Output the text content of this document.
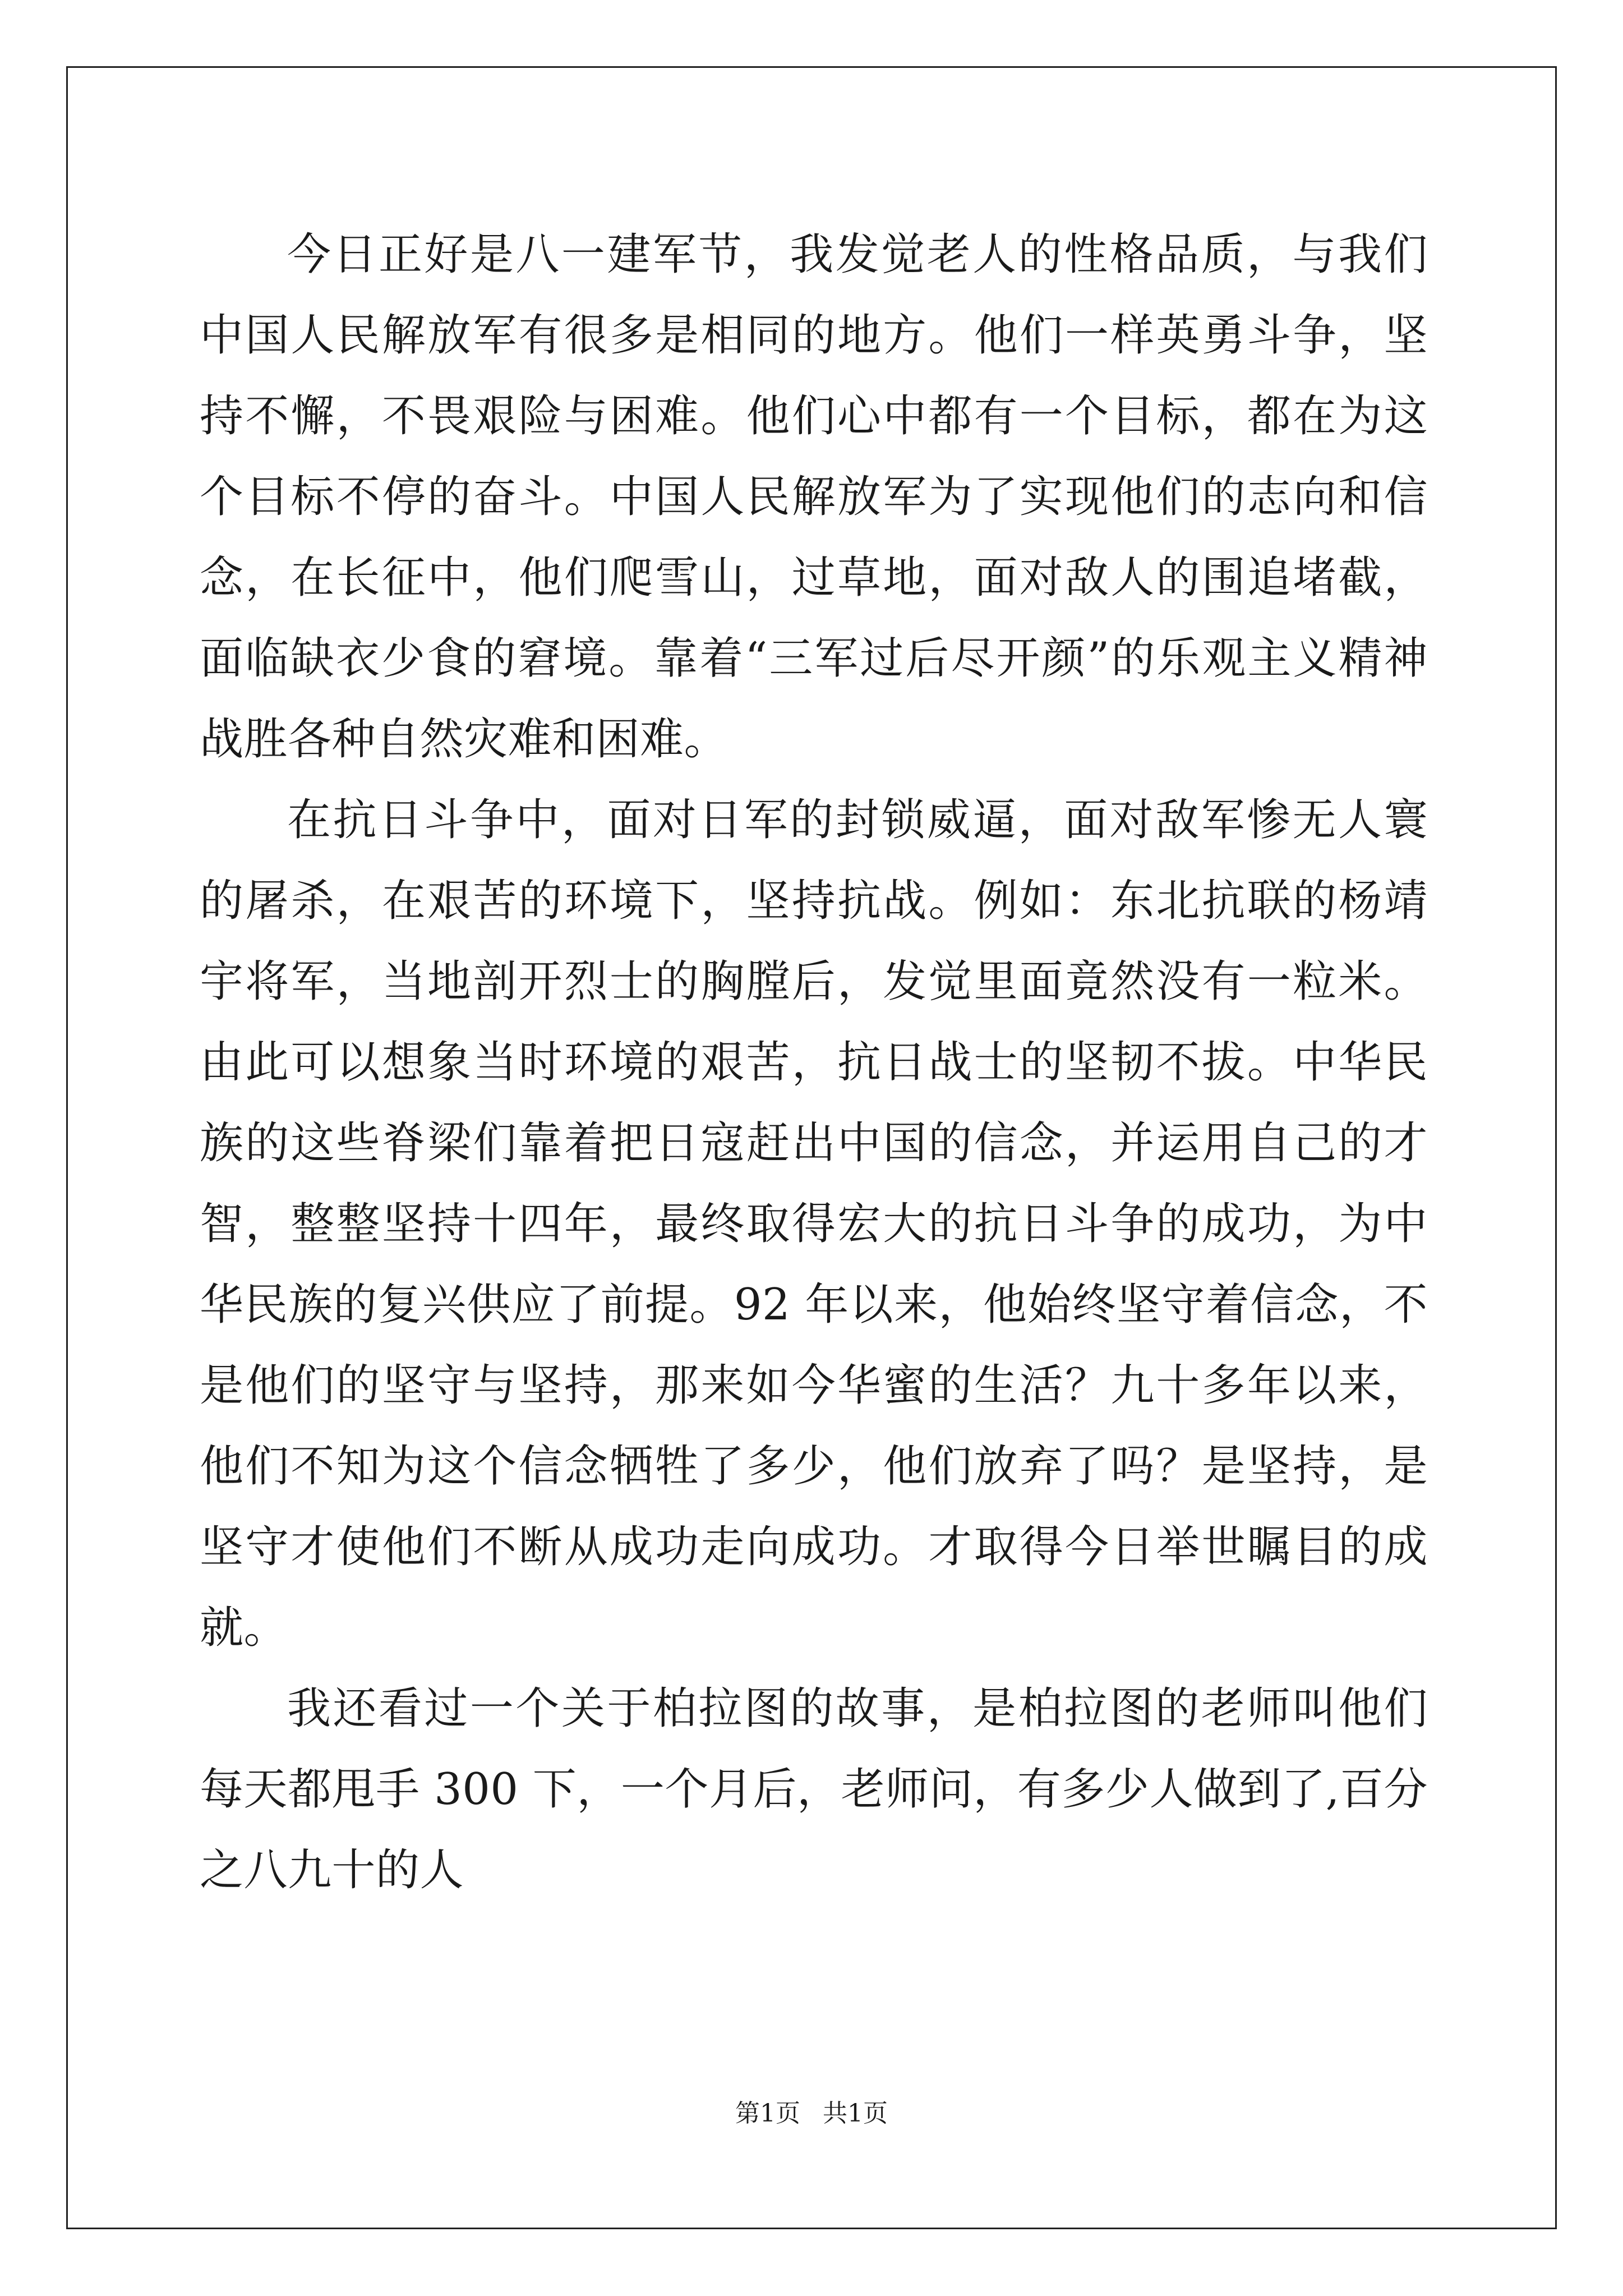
今日正好是八一建军节，我发觉老人的性格品质，与我们中国人民解放军有很多是相同的地方。他们一样英勇斗争，坚持不懈，不畏艰险与困难。他们心中都有一个目标，都在为这个目标不停的奋斗。中国人民解放军为了实现他们的志向和信念，在长征中，他们爬雪山，过草地，面对敌人的围追堵截，面临缺衣少食的窘境。靠着“三军过后尽开颜”的乐观主义精神战胜各种自然灾难和困难。

在抗日斗争中，面对日军的封锁威逼，面对敌军惨无人寰的屠杀，在艰苦的环境下，坚持抗战。例如：东北抗联的杨靖宇将军，当地剖开烈士的胸膛后，发觉里面竟然没有一粒米。由此可以想象当时环境的艰苦，抗日战士的坚韧不拔。中华民族的这些脊梁们靠着把日寇赶出中国的信念，并运用自己的才智，整整坚持十四年，最终取得宏大的抗日斗争的成功，为中华民族的复兴供应了前提。92 年以来，他始终坚守着信念，不是他们的坚守与坚持，那来如今华蜜的生活？九十多年以来，他们不知为这个信念牺牲了多少，他们放弃了吗？是坚持，是坚守才使他们不断从成功走向成功。才取得今日举世瞩目的成就。

我还看过一个关于柏拉图的故事，是柏拉图的老师叫他们每天都甩手 300 下，一个月后，老师问，有多少人做到了,百分之八九十的人

第1页 共1页
